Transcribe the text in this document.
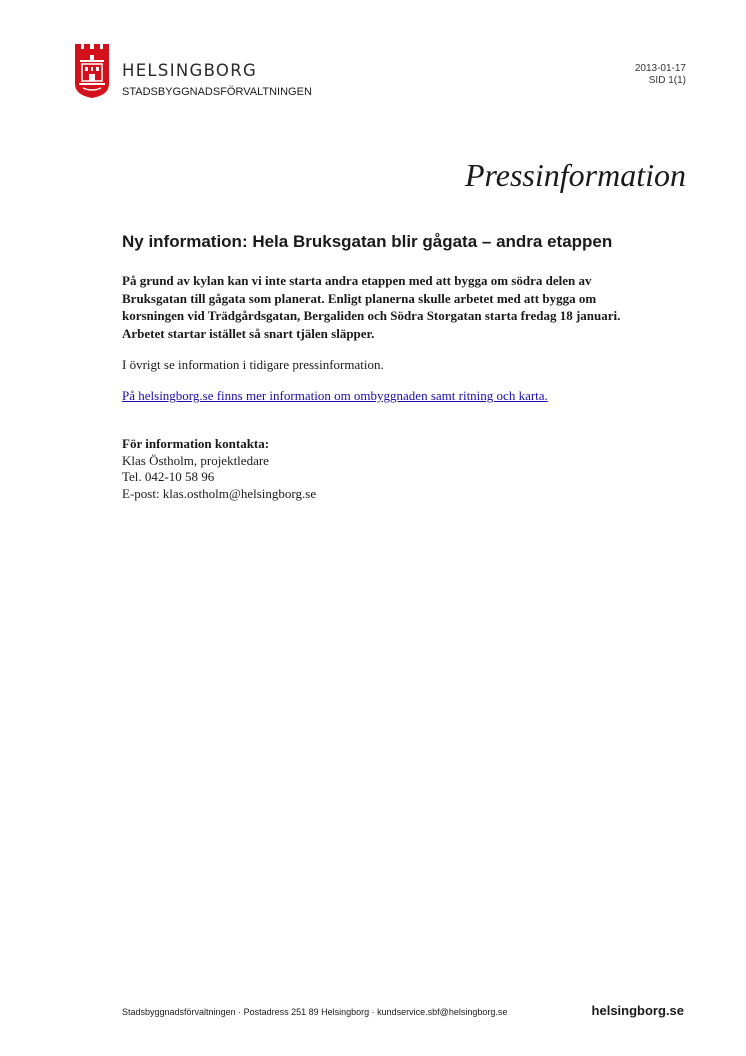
HELSINGBORG
STADSBYGGNADSFÖRVALTNINGEN
2013-01-17
SID 1(1)
Pressinformation
Ny information: Hela Bruksgatan blir gågata – andra etappen

På grund av kylan kan vi inte starta andra etappen med att bygga om södra delen av Bruksgatan till gågata som planerat. Enligt planerna skulle arbetet med att bygga om korsningen vid Trädgårdsgatan, Bergaliden och Södra Storgatan starta fredag 18 januari. Arbetet startar istället så snart tjälen släpper.

I övrigt se information i tidigare pressinformation.

På helsingborg.se finns mer information om ombyggnaden samt ritning och karta.
För information kontakta:
Klas Östholm, projektledare
Tel. 042-10 58 96
E-post: klas.ostholm@helsingborg.se
Stadsbyggnadsförvaltningen · Postadress 251 89 Helsingborg · kundservice.sbf@helsingborg.se	helsingborg.se
